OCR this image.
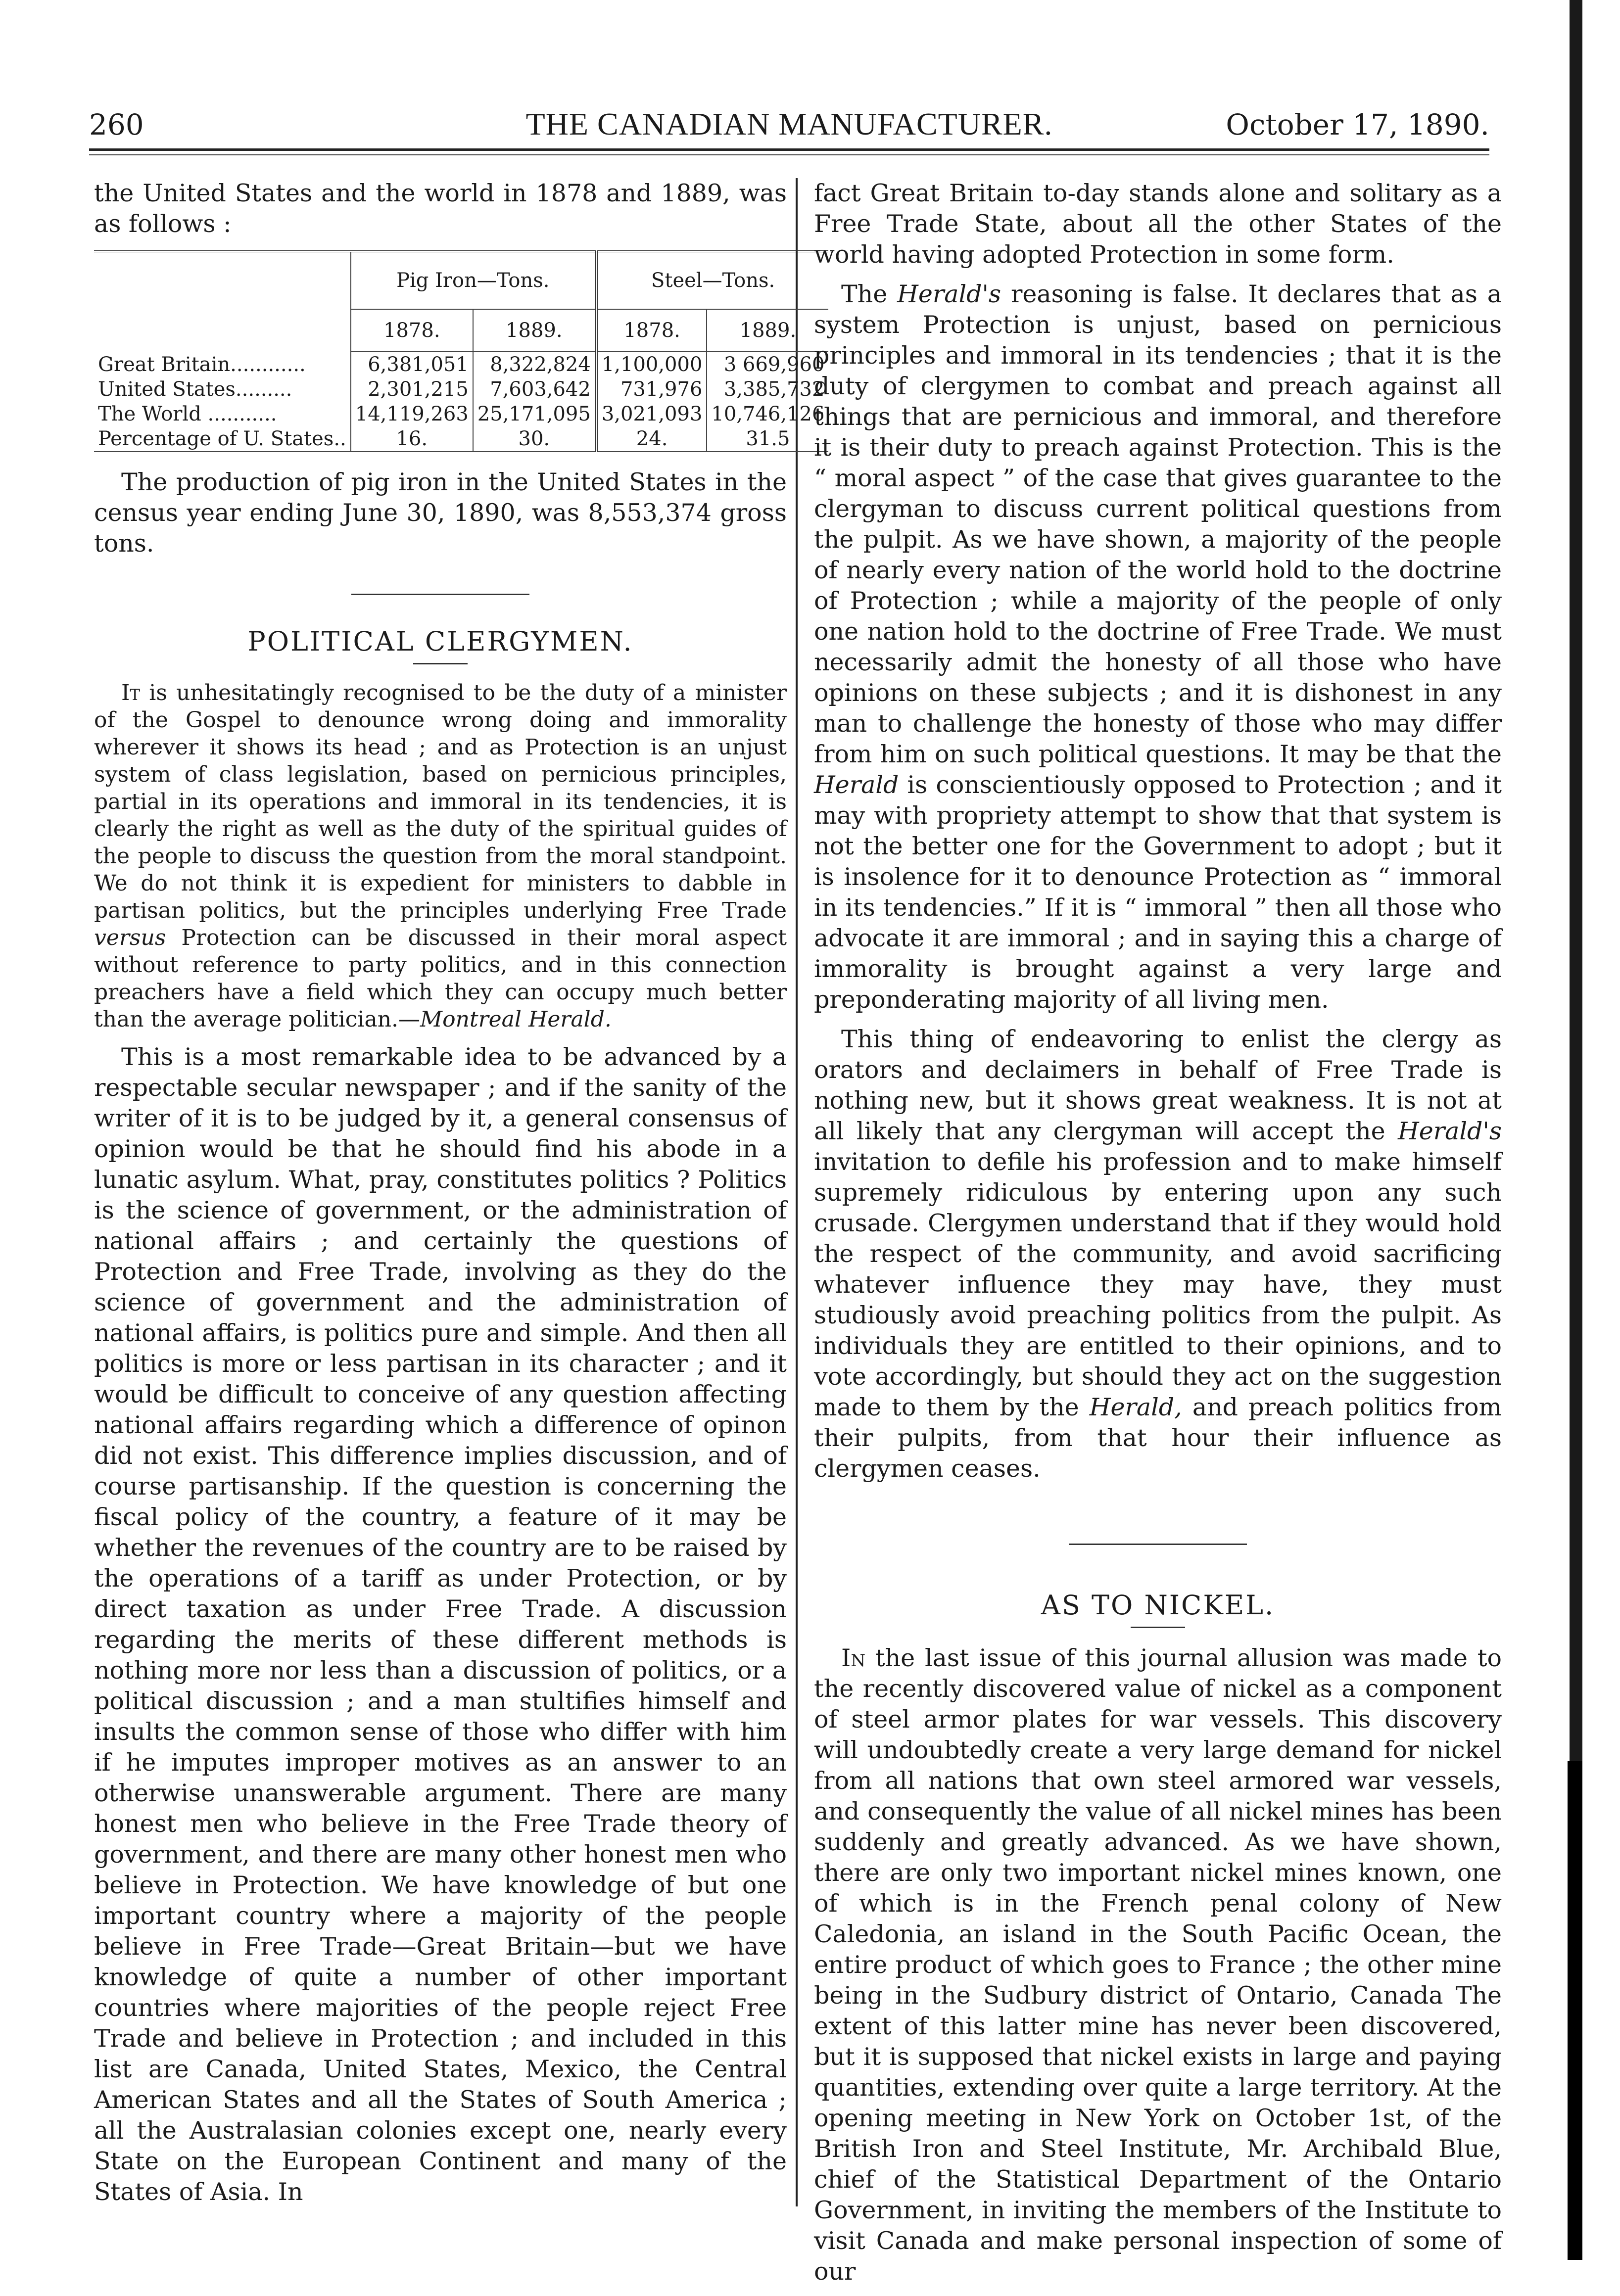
260	THE CANADIAN MANUFACTURER.	October 17, 1890.

the United States and the world in 1878 and 1889, was as follows :

	Pig Iron—Tons.		Steel—Tons.	
	1878.	1889.	1878.	1889.
Great Britain............	6,381,051	8,322,824	1,100,000	3 669,960
United States.........	2,301,215	7,603,642	731,976	3,385,732
The World ...........	14,119,263	25,171,095	3,021,093	10,746,126
Percentage of U. States..	16.	30.	24.	31.5

The production of pig iron in the United States in the census year ending June 30, 1890, was 8,553,374 gross tons.

POLITICAL CLERGYMEN.

It is unhesitatingly recognised to be the duty of a minister of the Gospel to denounce wrong doing and immorality wherever it shows its head ; and as Protection is an unjust system of class legislation, based on pernicious principles, partial in its operations and immoral in its tendencies, it is clearly the right as well as the duty of the spiritual guides of the people to discuss the question from the moral standpoint. We do not think it is expedient for ministers to dabble in partisan politics, but the principles underlying Free Trade versus Protection can be discussed in their moral aspect without reference to party politics, and in this connection preachers have a field which they can occupy much better than the average politician.—Montreal Herald.

This is a most remarkable idea to be advanced by a respectable secular newspaper ; and if the sanity of the writer of it is to be judged by it, a general consensus of opinion would be that he should find his abode in a lunatic asylum. What, pray, constitutes politics ? Politics is the science of government, or the administration of national affairs ; and certainly the questions of Protection and Free Trade, involving as they do the science of government and the administration of national affairs, is politics pure and simple. And then all politics is more or less partisan in its character ; and it would be difficult to conceive of any question affecting national affairs regarding which a difference of opinon did not exist. This difference implies discussion, and of course partisanship. If the question is concerning the fiscal policy of the country, a feature of it may be whether the revenues of the country are to be raised by the operations of a tariff as under Protection, or by direct taxation as under Free Trade. A discussion regarding the merits of these different methods is nothing more nor less than a discussion of politics, or a political discussion ; and a man stultifies himself and insults the common sense of those who differ with him if he imputes improper motives as an answer to an otherwise unanswerable argument. There are many honest men who believe in the Free Trade theory of government, and there are many other honest men who believe in Protection. We have knowledge of but one important country where a majority of the people believe in Free Trade—Great Britain—but we have knowledge of quite a number of other important countries where majorities of the people reject Free Trade and believe in Protection ; and included in this list are Canada, United States, Mexico, the Central American States and all the States of South America ; all the Australasian colonies except one, nearly every State on the European Continent and many of the States of Asia. In

fact Great Britain to-day stands alone and solitary as a Free Trade State, about all the other States of the world having adopted Protection in some form.

The Herald's reasoning is false. It declares that as a system Protection is unjust, based on pernicious principles and immoral in its tendencies ; that it is the duty of clergymen to combat and preach against all things that are pernicious and immoral, and therefore it is their duty to preach against Protection. This is the “ moral aspect ” of the case that gives guarantee to the clergyman to discuss current political questions from the pulpit. As we have shown, a majority of the people of nearly every nation of the world hold to the doctrine of Protection ; while a majority of the people of only one nation hold to the doctrine of Free Trade. We must necessarily admit the honesty of all those who have opinions on these subjects ; and it is dishonest in any man to challenge the honesty of those who may differ from him on such political questions. It may be that the Herald is conscientiously opposed to Protection ; and it may with propriety attempt to show that that system is not the better one for the Government to adopt ; but it is insolence for it to denounce Protection as “ immoral in its tendencies.” If it is “ immoral ” then all those who advocate it are immoral ; and in saying this a charge of immorality is brought against a very large and preponderating majority of all living men.

This thing of endeavoring to enlist the clergy as orators and declaimers in behalf of Free Trade is nothing new, but it shows great weakness. It is not at all likely that any clergyman will accept the Herald's invitation to defile his profession and to make himself supremely ridiculous by entering upon any such crusade. Clergymen understand that if they would hold the respect of the community, and avoid sacrificing whatever influence they may have, they must studiously avoid preaching politics from the pulpit. As individuals they are entitled to their opinions, and to vote accordingly, but should they act on the suggestion made to them by the Herald, and preach politics from their pulpits, from that hour their influence as clergymen ceases.

AS TO NICKEL.

In the last issue of this journal allusion was made to the recently discovered value of nickel as a component of steel armor plates for war vessels. This discovery will undoubtedly create a very large demand for nickel from all nations that own steel armored war vessels, and consequently the value of all nickel mines has been suddenly and greatly advanced. As we have shown, there are only two important nickel mines known, one of which is in the French penal colony of New Caledonia, an island in the South Pacific Ocean, the entire product of which goes to France ; the other mine being in the Sudbury district of Ontario, Canada The extent of this latter mine has never been discovered, but it is supposed that nickel exists in large and paying quantities, extending over quite a large territory. At the opening meeting in New York on October 1st, of the British Iron and Steel Institute, Mr. Archibald Blue, chief of the Statistical Department of the Ontario Government, in inviting the members of the Institute to visit Canada and make personal inspection of some of our
